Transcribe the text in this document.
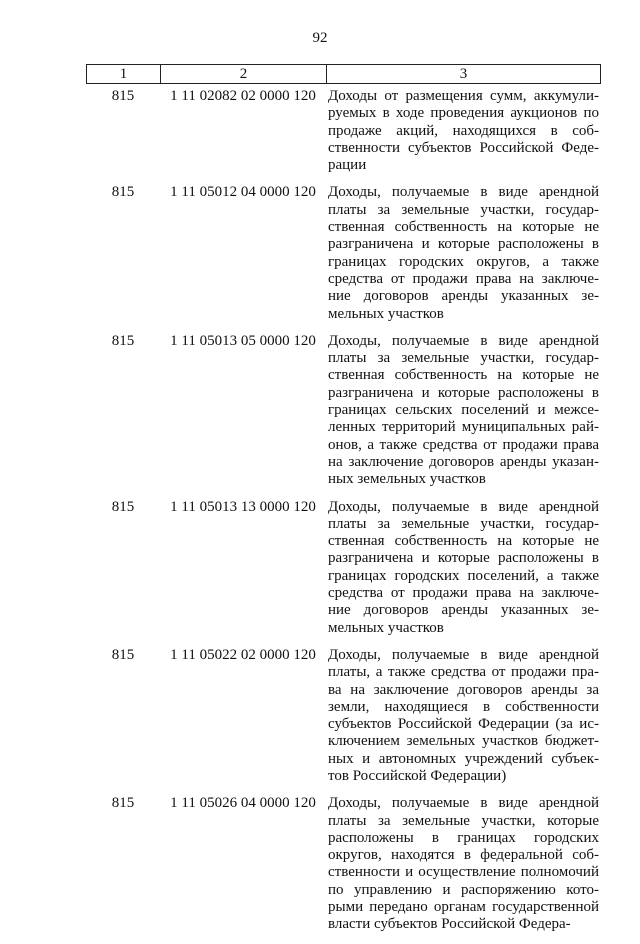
92
1	2	3
815	1 11 02082 02 0000 120 Доходы от размещения сумм, аккумули-
руемых в ходе проведения аукционов по
продаже акций, находящихся в соб-
ственности субъектов Российской Феде-
рации
815	1 11 05012 04 0000 120 Доходы, получаемые в виде арендной
платы за земельные участки, государ-
ственная собственность на которые не
разграничена и которые расположены в
границах городских округов, а также
средства от продажи права на заключе-
ние договоров аренды указанных зе-
мельных участков
815	1 11 05013 05 0000 120 Доходы, получаемые в виде арендной
платы за земельные участки, государ-
ственная собственность на которые не
разграничена и которые расположены в
границах сельских поселений и межсе-
ленных территорий муниципальных рай-
онов, а также средства от продажи права
на заключение договоров аренды указан-
ных земельных участков
815	1 11 05013 13 0000 120 Доходы, получаемые в виде арендной
платы за земельные участки, государ-
ственная собственность на которые не
разграничена и которые расположены в
границах городских поселений, а также
средства от продажи права на заключе-
ние договоров аренды указанных зе-
мельных участков
815	1 11 05022 02 0000 120 Доходы, получаемые в виде арендной
платы, а также средства от продажи пра-
ва на заключение договоров аренды за
земли, находящиеся в собственности
субъектов Российской Федерации (за ис-
ключением земельных участков бюджет-
ных и автономных учреждений субъек-
тов Российской Федерации)
815	1 11 05026 04 0000 120 Доходы, получаемые в виде арендной
платы за земельные участки, которые
расположены в границах городских
округов, находятся в федеральной соб-
ственности и осуществление полномочий
по управлению и распоряжению кото-
рыми передано органам государственной
власти субъектов Российской Федера-
